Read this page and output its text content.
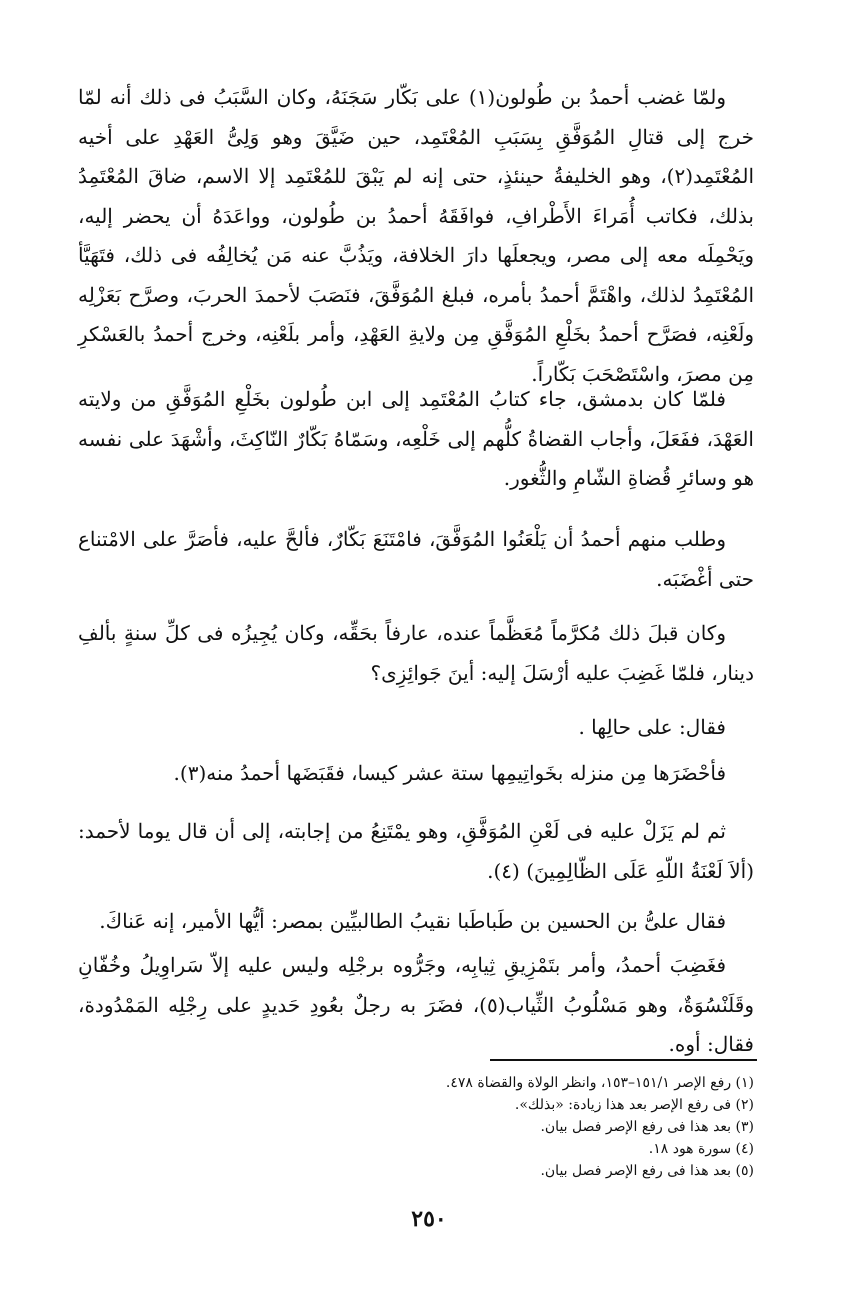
ولمّا غضب أحمدُ بن طُولون(١) على بَكّار سَجَنَهُ، وكان السَّبَبُ فى ذلك أنه لمّا خرج إلى قتالِ المُوَفَّقِ بِسَبَبِ المُعْتَمِد، حين ضَيَّقَ وهو وَلِىُّ العَهْدِ على أخيه المُعْتَمِد(٢)، وهو الخليفةُ حينئذٍ، حتى إنه لم يَبْقَ للمُعْتَمِد إلا الاسم، ضاقَ المُعْتَمِدُ بذلك، فكاتب أُمَراءَ الأَطْرافِ، فوافَقَهُ أحمدُ بن طُولون، وواعَدَهُ أن يحضر إليه، ويَحْمِلَه معه إلى مصر، ويجعلَها دارَ الخلافة، ويَذُبَّ عنه مَن يُخالِفُه فى ذلك، فتَهَيَّأ المُعْتَمِدُ لذلك، واهْتَمَّ أحمدُ بأمره، فبلغ المُوَفَّقَ، فنَصَبَ لأحمدَ الحربَ، وصرَّح بَعَزْلِه ولَعْنِه، فصَرَّح أحمدُ بخَلْعِ المُوَفَّقِ مِن ولايةِ العَهْدِ، وأمر بلَعْنِه، وخرج أحمدُ بالعَسْكرِ مِن مصرَ، واسْتَصْحَبَ بَكّاراً.

فلمّا كان بدمشق، جاء كتابُ المُعْتَمِد إلى ابن طُولون بخَلْعِ المُوَفَّقِ من ولايته العَهْدَ، ففَعَلَ، وأجاب القضاةُ كلُّهم إلى خَلْعِه، وسَمّاهُ بَكّارٌ النّاكِثَ، وأشْهَدَ على نفسه هو وسائرِ قُضاةِ الشّامِ والثُّغور.

وطلب منهم أحمدُ أن يَلْعَنُوا المُوَفَّقَ، فامْتَنَعَ بَكّارٌ، فألحَّ عليه، فأصَرَّ على الامْتناع حتى أغْضَبَه.

وكان قبلَ ذلك مُكرَّماً مُعَظَّماً عنده، عارفاً بحَقِّه، وكان يُجِيزُه فى كلِّ سنةٍ بألفِ دينار، فلمّا غَضِبَ عليه أرْسَلَ إليه: أينَ جَوائِزِى؟

فقال: على حالِها .

فأحْضَرَها مِن منزله بخَواتِيمِها ستة عشر كيسا، فقَبَضَها أحمدُ منه(٣).

ثم لم يَزَلْ عليه فى لَعْنِ المُوَفَّقِ، وهو يمْتَنِعُ من إجابته، إلى أن قال يوما لأحمد: (ألاَ لَعْنَةُ اللّهِ عَلَى الظّالِمِينَ) (٤).

فقال علىُّ بن الحسين بن طَباطَبا نقيبُ الطالبيِّين بمصر: أيُّها الأمير، إنه عَناكَ.

فغَضِبَ أحمدُ، وأمر بتَمْزِيقِ ثِيابِه، وجَرُّوه برجْلِه وليس عليه إلاّ سَراوِيلُ وخُفّانِ وقَلَنْسُوَةٌ، وهو مَسْلُوبُ الثِّياب(٥)، فضَرَ به رجلٌ بعُودِ حَديدٍ على رِجْلِه المَمْدُودة، فقال: أوه.

(١) رفع الإصر ١٥١/١–١٥٣، وانظر الولاة والقضاة ٤٧٨.

(٢) فى رفع الإصر بعد هذا زيادة: «بذلك».

(٣) بعد هذا فى رفع الإصر فصل بيان.

(٤) سورة هود ١٨.

(٥) بعد هذا فى رفع الإصر فصل بيان.

٢٥٠
